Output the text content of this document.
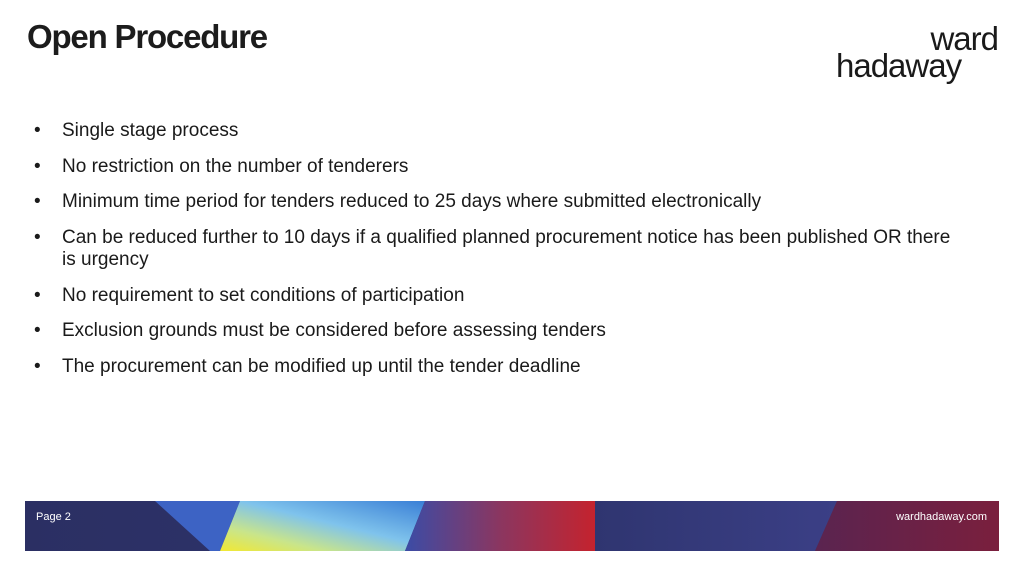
Open Procedure	ward
hadaway
• Single stage process
• No restriction on the number of tenderers
• Minimum time period for tenders reduced to 25 days where submitted electronically
• Can be reduced further to 10 days if a qualified planned procurement notice has been published OR there is urgency
• No requirement to set conditions of participation
• Exclusion grounds must be considered before assessing tenders
• The procurement can be modified up until the tender deadline
Page 2	wardhadaway.com
